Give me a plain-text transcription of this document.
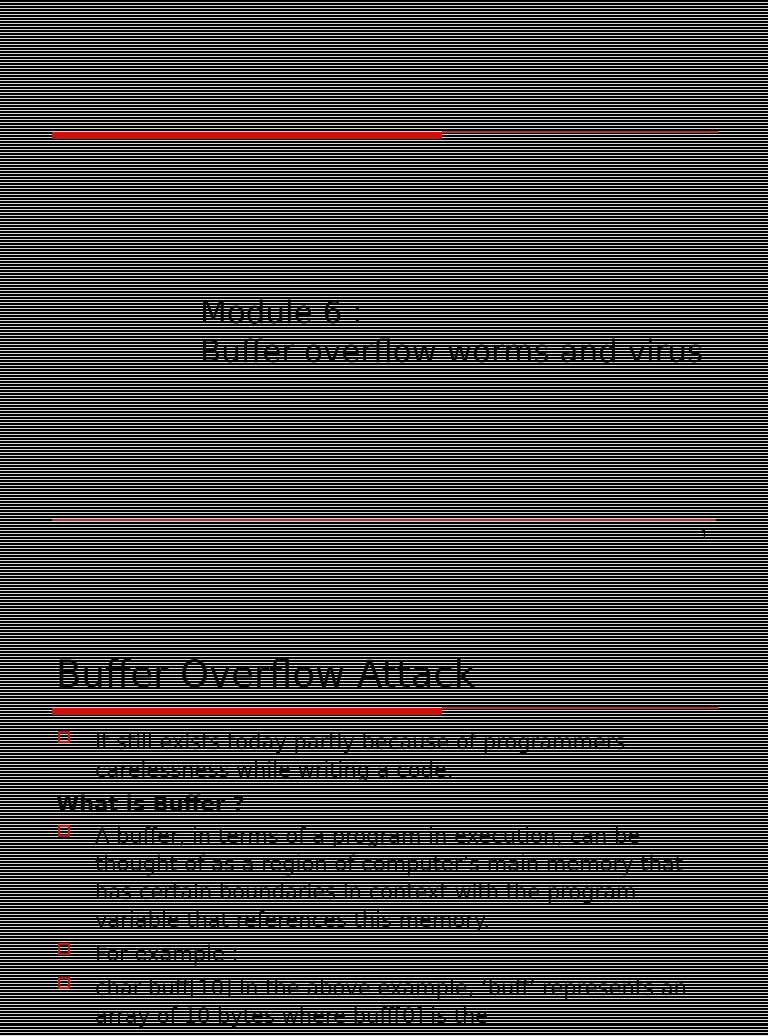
Module 6 :
Buffer overflow worms and virus
1
Buffer Overflow Attack
It still exists today partly because of programmers carelessness while writing a code.
What is Buffer ?
A buffer, in terms of a program in execution, can be thought of as a region of computer’s main memory that has certain boundaries in context with the program variable that references this memory.
For example :
char buff[10] In the above example, ‘buff’ represents an array of 10 bytes where buff[0] is the
